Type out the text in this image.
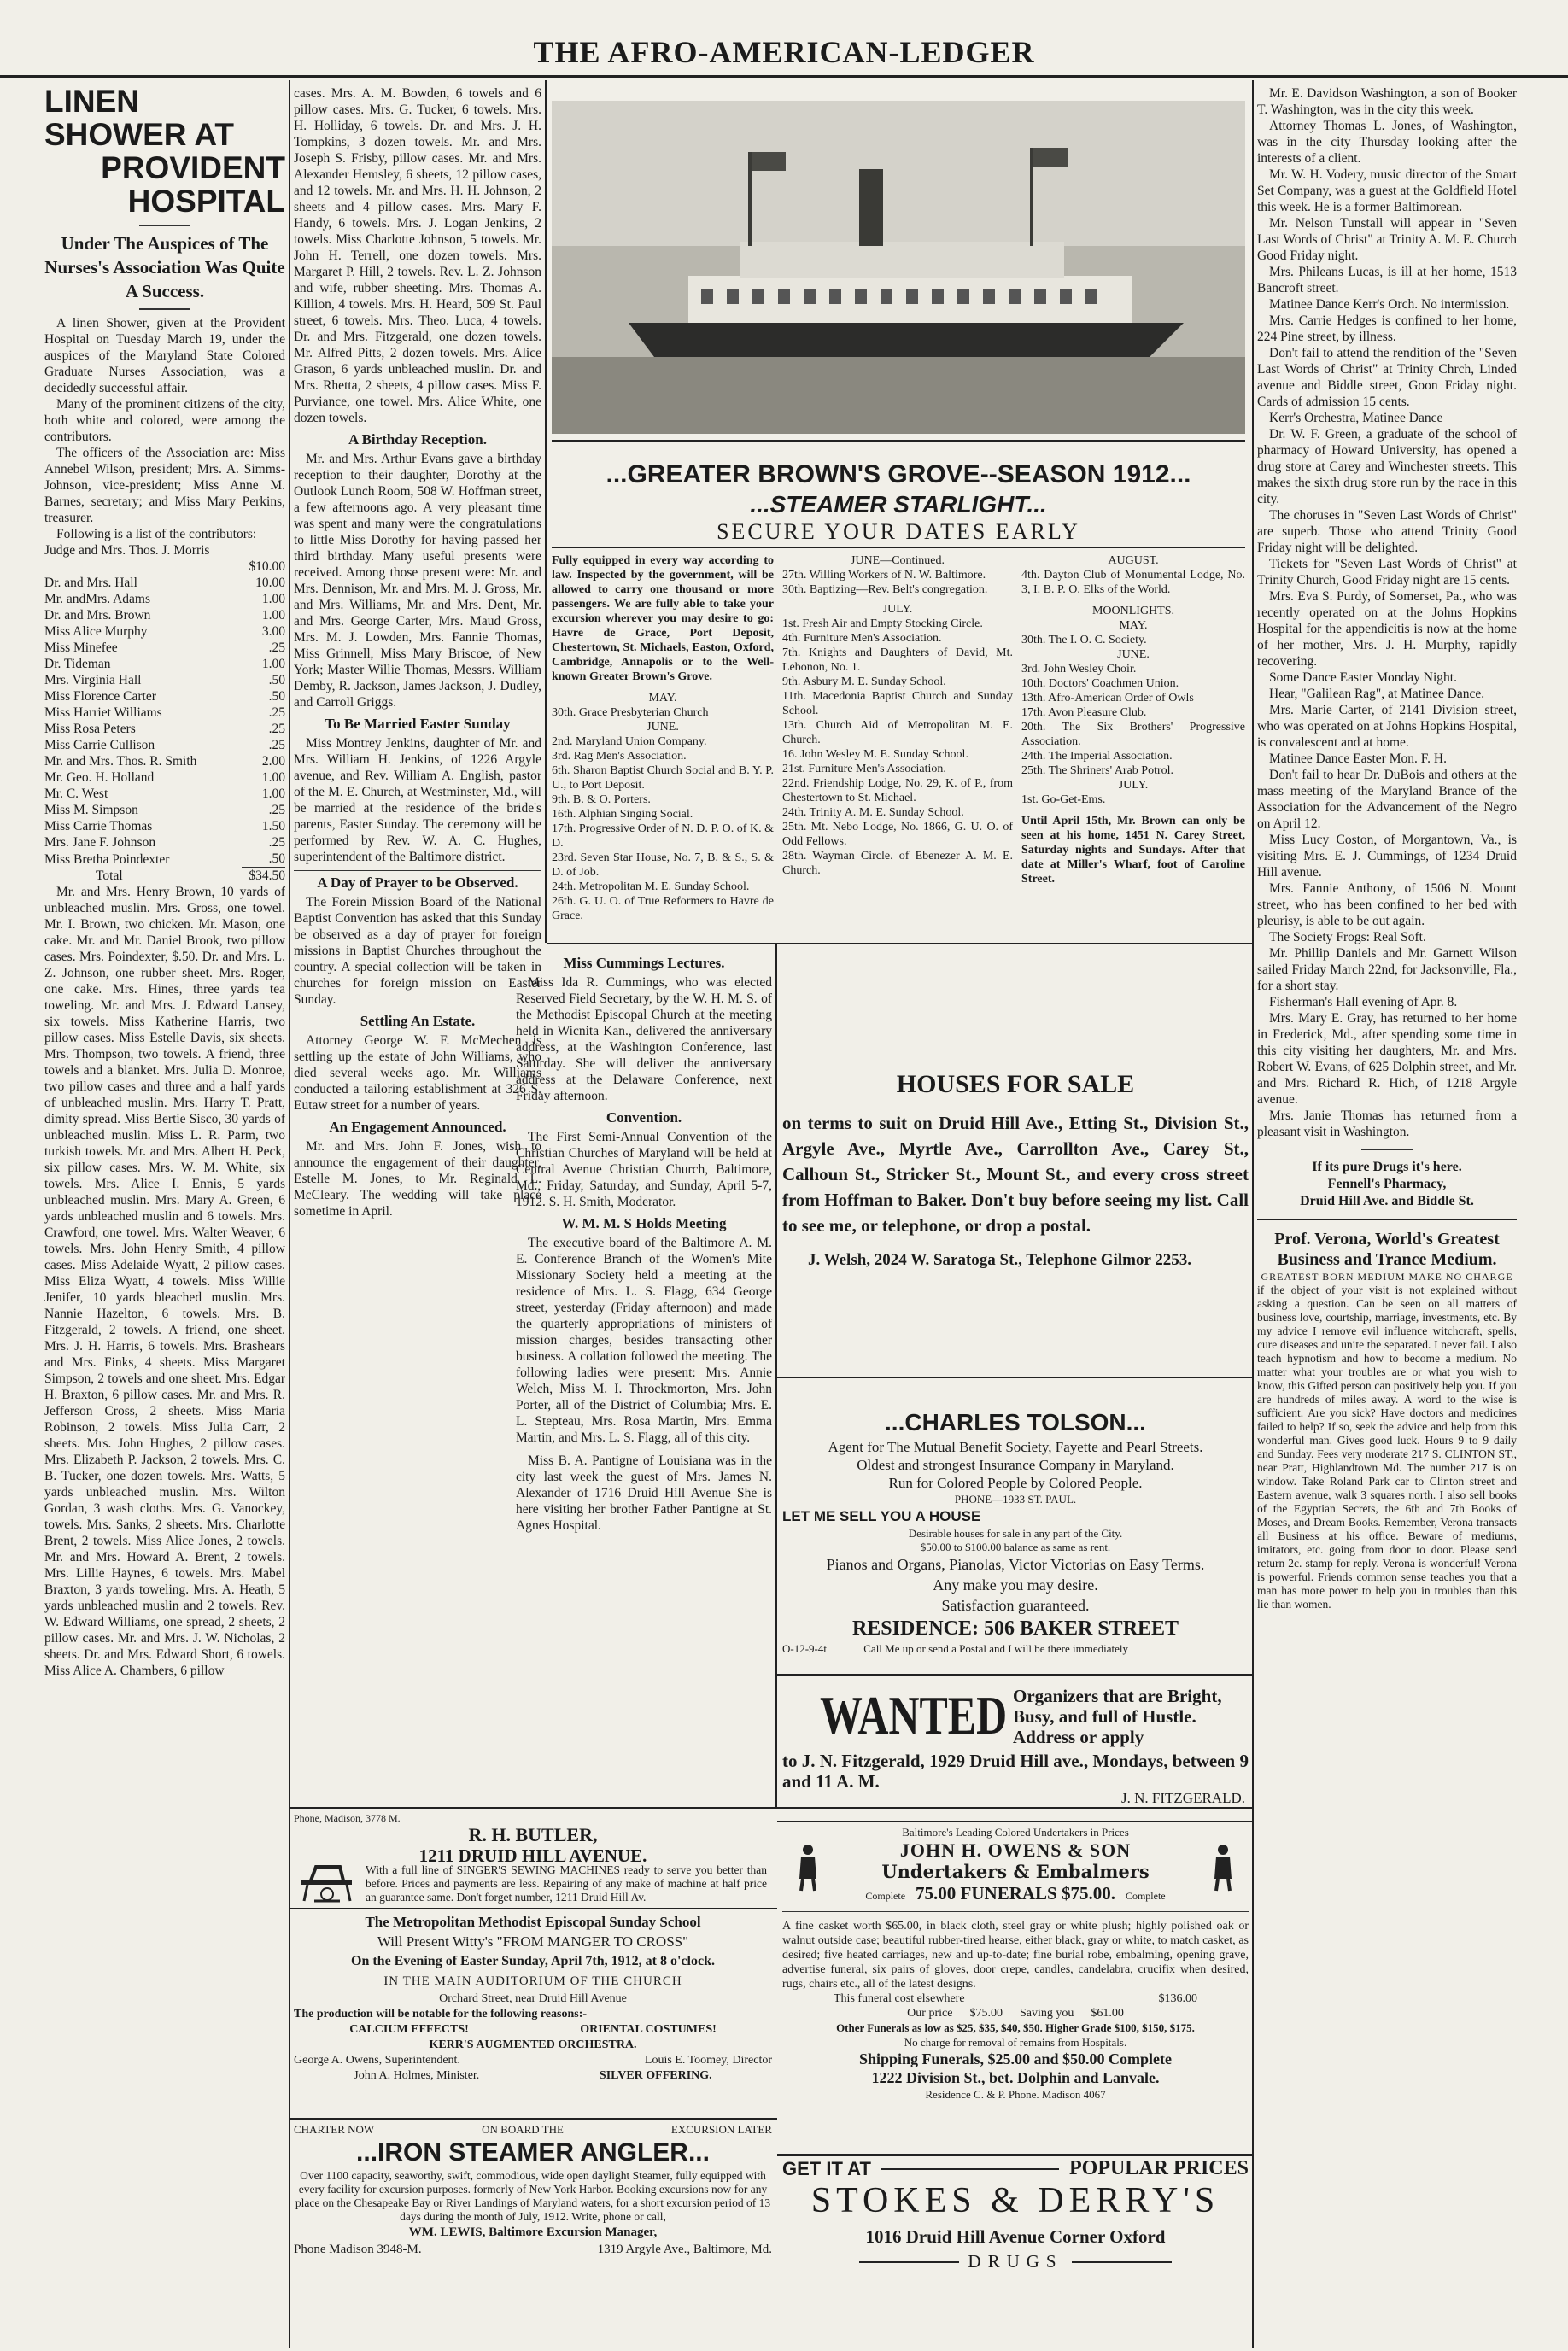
THE AFRO-AMERICAN-LEDGER
LINEN SHOWER AT
PROVIDENT HOSPITAL
Under The Auspices of The Nurses's Association Was Quite A Success.

A linen Shower, given at the Provident Hospital on Tuesday March 19, under the auspices of the Maryland State Colored Graduate Nurses Association, was a decidedly successful affair.

Many of the prominent citizens of the city, both white and colored, were among the contributors.

The officers of the Association are: Miss Annebel Wilson, president; Mrs. A. Simms-Johnson, vice-president; Miss Anne M. Barnes, secretary; and Miss Mary Perkins, treasurer.

Following is a list of the contributors:

Judge and Mrs. Thos. J. Morris	
	$10.00
Dr. and Mrs. Hall	10.00
Mr. andMrs. Adams	1.00
Dr. and Mrs. Brown	1.00
Miss Alice Murphy	3.00
Miss Minefee	.25
Dr. Tideman	1.00
Mrs. Virginia Hall	.50
Miss Florence Carter	.50
Miss Harriet Williams	.25
Miss Rosa Peters	.25
Miss Carrie Cullison	.25
Mr. and Mrs. Thos. R. Smith	2.00
Mr. Geo. H. Holland	1.00
Mr. C. West	1.00
Miss M. Simpson	.25
Miss Carrie Thomas	1.50
Mrs. Jane F. Johnson	.25
Miss Bretha Poindexter	.50
Total	$34.50

Mr. and Mrs. Henry Brown, 10 yards of unbleached muslin. Mrs. Gross, one towel. Mr. I. Brown, two chicken. Mr. Mason, one cake. Mr. and Mr. Daniel Brook, two pillow cases. Mrs. Poindexter, $.50. Dr. and Mrs. L. Z. Johnson, one rubber sheet. Mrs. Roger, one cake. Mrs. Hines, three yards tea toweling. Mr. and Mrs. J. Edward Lansey, six towels. Miss Katherine Harris, two pillow cases. Miss Estelle Davis, six sheets. Mrs. Thompson, two towels. A friend, three towels and a blanket. Mrs. Julia D. Monroe, two pillow cases and three and a half yards of unbleached muslin. Mrs. Harry T. Pratt, dimity spread. Miss Bertie Sisco, 30 yards of unbleached muslin. Miss L. R. Parm, two turkish towels. Mr. and Mrs. Albert H. Peck, six pillow cases. Mrs. W. M. White, six towels. Mrs. Alice I. Ennis, 5 yards unbleached muslin. Mrs. Mary A. Green, 6 yards unbleached muslin and 6 towels. Mrs. Crawford, one towel. Mrs. Walter Weaver, 6 towels. Mrs. John Henry Smith, 4 pillow cases. Miss Adelaide Wyatt, 2 pillow cases. Miss Eliza Wyatt, 4 towels. Miss Willie Jenifer, 10 yards bleached muslin. Mrs. Nannie Hazelton, 6 towels. Mrs. B. Fitzgerald, 2 towels. A friend, one sheet. Mrs. J. H. Harris, 6 towels. Mrs. Brashears and Mrs. Finks, 4 sheets. Miss Margaret Simpson, 2 towels and one sheet. Mrs. Edgar H. Braxton, 6 pillow cases. Mr. and Mrs. R. Jefferson Cross, 2 sheets. Miss Maria Robinson, 2 towels. Miss Julia Carr, 2 sheets. Mrs. John Hughes, 2 pillow cases. Mrs. Elizabeth P. Jackson, 2 towels. Mrs. C. B. Tucker, one dozen towels. Mrs. Watts, 5 yards unbleached muslin. Mrs. Wilton Gordan, 3 wash cloths. Mrs. G. Vanockey, towels. Mrs. Sanks, 2 sheets. Mrs. Charlotte Brent, 2 towels. Miss Alice Jones, 2 towels. Mr. and Mrs. Howard A. Brent, 2 towels. Mrs. Lillie Haynes, 6 towels. Mrs. Mabel Braxton, 3 yards toweling. Mrs. A. Heath, 5 yards unbleached muslin and 2 towels. Rev. W. Edward Williams, one spread, 2 sheets, 2 pillow cases. Mr. and Mrs. J. W. Nicholas, 2 sheets. Dr. and Mrs. Edward Short, 6 towels. Miss Alice A. Chambers, 6 pillow

cases. Mrs. A. M. Bowden, 6 towels and 6 pillow cases. Mrs. G. Tucker, 6 towels. Mrs. H. Holliday, 6 towels. Dr. and Mrs. J. H. Tompkins, 3 dozen towels. Mr. and Mrs. Joseph S. Frisby, pillow cases. Mr. and Mrs. Alexander Hemsley, 6 sheets, 12 pillow cases, and 12 towels. Mr. and Mrs. H. H. Johnson, 2 sheets and 4 pillow cases. Mrs. Mary F. Handy, 6 towels. Mrs. J. Logan Jenkins, 2 towels. Miss Charlotte Johnson, 5 towels. Mr. John H. Terrell, one dozen towels. Mrs. Margaret P. Hill, 2 towels. Rev. L. Z. Johnson and wife, rubber sheeting. Mrs. Thomas A. Killion, 4 towels. Mrs. H. Heard, 509 St. Paul street, 6 towels. Mrs. Theo. Luca, 4 towels. Dr. and Mrs. Fitzgerald, one dozen towels. Mr. Alfred Pitts, 2 dozen towels. Mrs. Alice Grason, 6 yards unbleached muslin. Dr. and Mrs. Rhetta, 2 sheets, 4 pillow cases. Miss F. Purviance, one towel. Mrs. Alice White, one dozen towels.

A Birthday Reception.

Mr. and Mrs. Arthur Evans gave a birthday reception to their daughter, Dorothy at the Outlook Lunch Room, 508 W. Hoffman street, a few afternoons ago. A very pleasant time was spent and many were the congratulations to little Miss Dorothy for having passed her third birthday. Many useful presents were received. Among those present were: Mr. and Mrs. Dennison, Mr. and Mrs. M. J. Gross, Mr. and Mrs. Williams, Mr. and Mrs. Dent, Mr. and Mrs. George Carter, Mrs. Maud Gross, Mrs. M. J. Lowden, Mrs. Fannie Thomas, Miss Grinnell, Miss Mary Briscoe, of New York; Master Willie Thomas, Messrs. William Demby, R. Jackson, James Jackson, J. Dudley, and Carroll Griggs.

To Be Married Easter Sunday

Miss Montrey Jenkins, daughter of Mr. and Mrs. William H. Jenkins, of 1226 Argyle avenue, and Rev. William A. English, pastor of the M. E. Church, at Westminster, Md., will be married at the residence of the bride's parents, Easter Sunday. The ceremony will be performed by Rev. W. A. C. Hughes, superintendent of the Baltimore district.

A Day of Prayer to be Observed.

The Forein Mission Board of the National Baptist Convention has asked that this Sunday be observed as a day of prayer for foreign missions in Baptist Churches throughout the country. A special collection will be taken in churches for foreign mission on Easter Sunday.

Settling An Estate.

Attorney George W. F. McMechen is settling up the estate of John Williams, who died several weeks ago. Mr. Williams conducted a tailoring establishment at 326 S. Eutaw street for a number of years.

An Engagement Announced.

Mr. and Mrs. John F. Jones, wish to announce the engagement of their daughter, Estelle M. Jones, to Mr. Reginald L. McCleary. The wedding will take place sometime in April.

...GREATER BROWN'S GROVE--SEASON 1912...
...STEAMER STARLIGHT...
SECURE YOUR DATES EARLY

Fully equipped in every way according to law. Inspected by the government, will be allowed to carry one thousand or more passengers. We are fully able to take your excursion wherever you may desire to go: Havre de Grace, Port Deposit, Chestertown, St. Michaels, Easton, Oxford, Cambridge, Annapolis or to the Well-known Greater Brown's Grove.

MAY.

30th. Grace Presbyterian Church

JUNE.

2nd. Maryland Union Company.

3rd. Rag Men's Association.

6th. Sharon Baptist Church Social and B. Y. P. U., to Port Deposit.

9th. B. & O. Porters.

16th. Alphian Singing Social.

17th. Progressive Order of N. D. P. O. of K. & D.

23rd. Seven Star House, No. 7, B. & S., S. & D. of Job.

24th. Metropolitan M. E. Sunday School.

26th. G. U. O. of True Reformers to Havre de Grace.

JUNE—Continued.

27th. Willing Workers of N. W. Baltimore.

30th. Baptizing—Rev. Belt's congregation.

JULY.

1st. Fresh Air and Empty Stocking Circle.

4th. Furniture Men's Association.

7th. Knights and Daughters of David, Mt. Lebonon, No. 1.

9th. Asbury M. E. Sunday School.

11th. Macedonia Baptist Church and Sunday School.

13th. Church Aid of Metropolitan M. E. Church.

16. John Wesley M. E. Sunday School.

21st. Furniture Men's Association.

22nd. Friendship Lodge, No. 29, K. of P., from Chestertown to St. Michael.

24th. Trinity A. M. E. Sunday School.

25th. Mt. Nebo Lodge, No. 1866, G. U. O. of Odd Fellows.

28th. Wayman Circle. of Ebenezer A. M. E. Church.

AUGUST.

4th. Dayton Club of Monumental Lodge, No. 3, I. B. P. O. Elks of the World.

MOONLIGHTS.
MAY.

30th. The I. O. C. Society.

JUNE.

3rd. John Wesley Choir.

10th. Doctors' Coachmen Union.

13th. Afro-American Order of Owls

17th. Avon Pleasure Club.

20th. The Six Brothers' Progressive Association.

24th. The Imperial Association.

25th. The Shriners' Arab Potrol.

JULY.

1st. Go-Get-Ems.

Until April 15th, Mr. Brown can only be seen at his home, 1451 N. Carey Street, Saturday nights and Sundays. After that date at Miller's Wharf, foot of Caroline Street.

Miss Cummings Lectures.

Miss Ida R. Cummings, who was elected Reserved Field Secretary, by the W. H. M. S. of the Methodist Episcopal Church at the meeting held in Wicnita Kan., delivered the anniversary address, at the Washington Conference, last Saturday. She will deliver the anniversary address at the Delaware Conference, next Friday afternoon.

Convention.

The First Semi-Annual Convention of the Christian Churches of Maryland will be held at Central Avenue Christian Church, Baltimore, Md., Friday, Saturday, and Sunday, April 5-7, 1912. S. H. Smith, Moderator.

W. M. M. S Holds Meeting

The executive board of the Baltimore A. M. E. Conference Branch of the Women's Mite Missionary Society held a meeting at the residence of Mrs. L. S. Flagg, 634 George street, yesterday (Friday afternoon) and made the quarterly appropriations of ministers of mission charges, besides transacting other business. A collation followed the meeting. The following ladies were present: Mrs. Annie Welch, Miss M. I. Throckmorton, Mrs. John Porter, all of the District of Columbia; Mrs. E. L. Stepteau, Mrs. Rosa Martin, Mrs. Emma Martin, and Mrs. L. S. Flagg, all of this city.

Miss B. A. Pantigne of Louisiana was in the city last week the guest of Mrs. James N. Alexander of 1716 Druid Hill Avenue She is here visiting her brother Father Pantigne at St. Agnes Hospital.

HOUSES FOR SALE

on terms to suit on Druid Hill Ave., Etting St., Division St., Argyle Ave., Myrtle Ave., Carrollton Ave., Carey St., Calhoun St., Stricker St., Mount St., and every cross street from Hoffman to Baker. Don't buy before seeing my list. Call to see me, or telephone, or drop a postal.

J. Welsh, 2024 W. Saratoga St., Telephone Gilmor 2253.

...CHARLES TOLSON...
Agent for The Mutual Benefit Society, Fayette and Pearl Streets.
Oldest and strongest Insurance Company in Maryland.
Run for Colored People by Colored People.
PHONE—1933 ST. PAUL.
LET ME SELL YOU A HOUSE
Desirable houses for sale in any part of the City.
$50.00 to $100.00 balance as same as rent.
Pianos and Organs, Pianolas, Victor Victorias on Easy Terms.
Any make you may desire.
Satisfaction guaranteed.
RESIDENCE: 506 BAKER STREET
O-12-9-4t	Call Me up or send a Postal and I will be there immediately
WANTED Organizers that are Bright, Busy, and full of Hustle. Address or apply
to J. N. Fitzgerald, 1929 Druid Hill ave., Mondays, between 9 and 11 A. M.
J. N. FITZGERALD.
Phone, Madison, 3778 M.
R. H. BUTLER,
1211 DRUID HILL AVENUE.

With a full line of SINGER'S SEWING MACHINES ready to serve you better than before. Prices and payments are less. Repairing of any make of machine at half price an guarantee same. Don't forget number, 1211 Druid Hill Av.

The Metropolitan Methodist Episcopal Sunday School
Will Present Witty's "FROM MANGER TO CROSS"
On the Evening of Easter Sunday, April 7th, 1912, at 8 o'clock.
IN THE MAIN AUDITORIUM OF THE CHURCH
Orchard Street, near Druid Hill Avenue
The production will be notable for the following reasons:-
CALCIUM EFFECTS!	ORIENTAL COSTUMES!
KERR'S AUGMENTED ORCHESTRA.
George A. Owens, Superintendent.	Louis E. Toomey, Director
John A. Holmes, Minister.	SILVER OFFERING.
CHARTER NOW	ON BOARD THE	EXCURSION LATER
...IRON STEAMER ANGLER...

Over 1100 capacity, seaworthy, swift, commodious, wide open daylight Steamer, fully equipped with every facility for excursion purposes. formerly of New York Harbor. Booking excursions now for any place on the Chesapeake Bay or River Landings of Maryland waters, for a short excursion period of 13 days during the month of July, 1912. Write, phone or call,

WM. LEWIS, Baltimore Excursion Manager,
Phone Madison 3948-M.	1319 Argyle Ave., Baltimore, Md.
Baltimore's Leading Colored Undertakers in Prices
JOHN H. OWENS & SON
Undertakers & Embalmers
Complete 75.00 FUNERALS $75.00. Complete

A fine casket worth $65.00, in black cloth, steel gray or white plush; highly polished oak or walnut outside case; beautiful rubber-tired hearse, either black, gray or white, to match casket, as desired; five heated carriages, new and up-to-date; fine burial robe, embalming, opening grave, advertise funeral, six pairs of gloves, door crepe, candles, candelabra, crucifix when desired, rugs, chairs etc., all of the latest designs.

This funeral cost elsewhere	$136.00
Our price $75.00 Saving you $61.00
Other Funerals as low as $25, $35, $40, $50. Higher Grade $100, $150, $175.
No charge for removal of remains from Hospitals.
Shipping Funerals, $25.00 and $50.00 Complete
1222 Division St., bet. Dolphin and Lanvale.
Residence C. & P. Phone. Madison 4067
GET IT AT	POPULAR PRICES
STOKES & DERRY'S
1016 Druid Hill Avenue Corner Oxford
DRUGS

Mr. E. Davidson Washington, a son of Booker T. Washington, was in the city this week.

Attorney Thomas L. Jones, of Washington, was in the city Thursday looking after the interests of a client.

Mr. W. H. Vodery, music director of the Smart Set Company, was a guest at the Goldfield Hotel this week. He is a former Baltimorean.

Mr. Nelson Tunstall will appear in "Seven Last Words of Christ" at Trinity A. M. E. Church Good Friday night.

Mrs. Phileans Lucas, is ill at her home, 1513 Bancroft street.

Matinee Dance Kerr's Orch. No intermission.

Mrs. Carrie Hedges is confined to her home, 224 Pine street, by illness.

Don't fail to attend the rendition of the "Seven Last Words of Christ" at Trinity Chrch, Linded avenue and Biddle street, Goon Friday night. Cards of admission 15 cents.

Kerr's Orchestra, Matinee Dance

Dr. W. F. Green, a graduate of the school of pharmacy of Howard University, has opened a drug store at Carey and Winchester streets. This makes the sixth drug store run by the race in this city.

The choruses in "Seven Last Words of Christ" are superb. Those who attend Trinity Good Friday night will be delighted.

Tickets for "Seven Last Words of Christ" at Trinity Church, Good Friday night are 15 cents.

Mrs. Eva S. Purdy, of Somerset, Pa., who was recently operated on at the Johns Hopkins Hospital for the appendicitis is now at the home of her mother, Mrs. J. H. Murphy, rapidly recovering.

Some Dance Easter Monday Night.

Hear, "Galilean Rag", at Matinee Dance.

Mrs. Marie Carter, of 2141 Division street, who was operated on at Johns Hopkins Hospital, is convalescent and at home.

Matinee Dance Easter Mon. F. H.

Don't fail to hear Dr. DuBois and others at the mass meeting of the Maryland Brance of the Association for the Advancement of the Negro on April 12.

Miss Lucy Coston, of Morgantown, Va., is visiting Mrs. E. J. Cummings, of 1234 Druid Hill avenue.

Mrs. Fannie Anthony, of 1506 N. Mount street, who has been confined to her bed with pleurisy, is able to be out again.

The Society Frogs: Real Soft.

Mr. Phillip Daniels and Mr. Garnett Wilson sailed Friday March 22nd, for Jacksonville, Fla., for a short stay.

Fisherman's Hall evening of Apr. 8.

Mrs. Mary E. Gray, has returned to her home in Frederick, Md., after spending some time in this city visiting her daughters, Mr. and Mrs. Robert W. Evans, of 625 Dolphin street, and Mr. and Mrs. Richard R. Hich, of 1218 Argyle avenue.

Mrs. Janie Thomas has returned from a pleasant visit in Washington.

If its pure Drugs it's here.
Fennell's Pharmacy,
Druid Hill Ave. and Biddle St.
Prof. Verona, World's Greatest Business and Trance Medium.
GREATEST BORN MEDIUM MAKE NO CHARGE

if the object of your visit is not explained without asking a question. Can be seen on all matters of business love, courtship, marriage, investments, etc. By my advice I remove evil influence witchcraft, spells, cure diseases and unite the separated. I never fail. I also teach hypnotism and how to become a medium. No matter what your troubles are or what you wish to know, this Gifted person can positively help you. If you are hundreds of miles away. A word to the wise is sufficient. Are you sick? Have doctors and medicines failed to help? If so, seek the advice and help from this wonderful man. Gives good luck. Hours 9 to 9 daily and Sunday. Fees very moderate 217 S. CLINTON ST., near Pratt, Highlandtown Md. The number 217 is on window. Take Roland Park car to Clinton street and Eastern avenue, walk 3 squares north. I also sell books of the Egyptian Secrets, the 6th and 7th Books of Moses, and Dream Books. Remember, Verona transacts all Business at his office. Beware of mediums, imitators, etc. going from door to door. Please send return 2c. stamp for reply. Verona is wonderful! Verona is powerful. Friends common sense teaches you that a man has more power to help you in troubles than this lie than women.
